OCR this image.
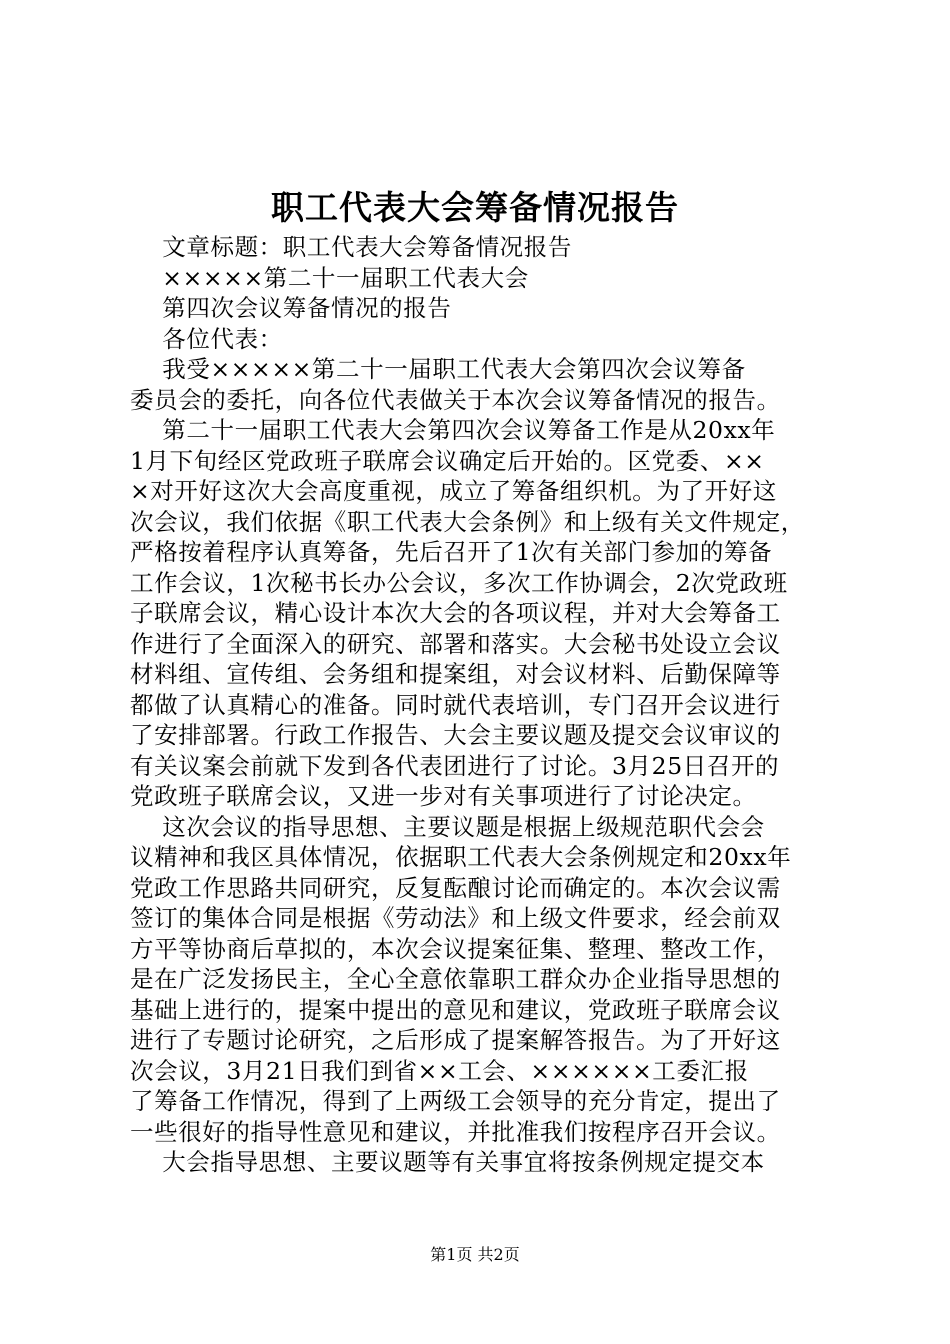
职工代表大会筹备情况报告
文章标题：职工代表大会筹备情况报告
×××××第二十一届职工代表大会
第四次会议筹备情况的报告
各位代表：
我受×××××第二十一届职工代表大会第四次会议筹备
委员会的委托，向各位代表做关于本次会议筹备情况的报告。
第二十一届职工代表大会第四次会议筹备工作是从20xx年
1月下旬经区党政班子联席会议确定后开始的。区党委、××
×对开好这次大会高度重视，成立了筹备组织机。为了开好这
次会议，我们依据《职工代表大会条例》和上级有关文件规定，
严格按着程序认真筹备，先后召开了1次有关部门参加的筹备
工作会议，1次秘书长办公会议，多次工作协调会，2次党政班
子联席会议，精心设计本次大会的各项议程，并对大会筹备工
作进行了全面深入的研究、部署和落实。大会秘书处设立会议
材料组、宣传组、会务组和提案组，对会议材料、后勤保障等
都做了认真精心的准备。同时就代表培训，专门召开会议进行
了安排部署。行政工作报告、大会主要议题及提交会议审议的
有关议案会前就下发到各代表团进行了讨论。3月25日召开的
党政班子联席会议，又进一步对有关事项进行了讨论决定。
这次会议的指导思想、主要议题是根据上级规范职代会会
议精神和我区具体情况，依据职工代表大会条例规定和20xx年
党政工作思路共同研究，反复酝酿讨论而确定的。本次会议需
签订的集体合同是根据《劳动法》和上级文件要求，经会前双
方平等协商后草拟的，本次会议提案征集、整理、整改工作，
是在广泛发扬民主，全心全意依靠职工群众办企业指导思想的
基础上进行的，提案中提出的意见和建议，党政班子联席会议
进行了专题讨论研究，之后形成了提案解答报告。为了开好这
次会议，3月21日我们到省××工会、××××××工委汇报
了筹备工作情况，得到了上两级工会领导的充分肯定，提出了
一些很好的指导性意见和建议，并批准我们按程序召开会议。
大会指导思想、主要议题等有关事宜将按条例规定提交本
第1页 共2页
